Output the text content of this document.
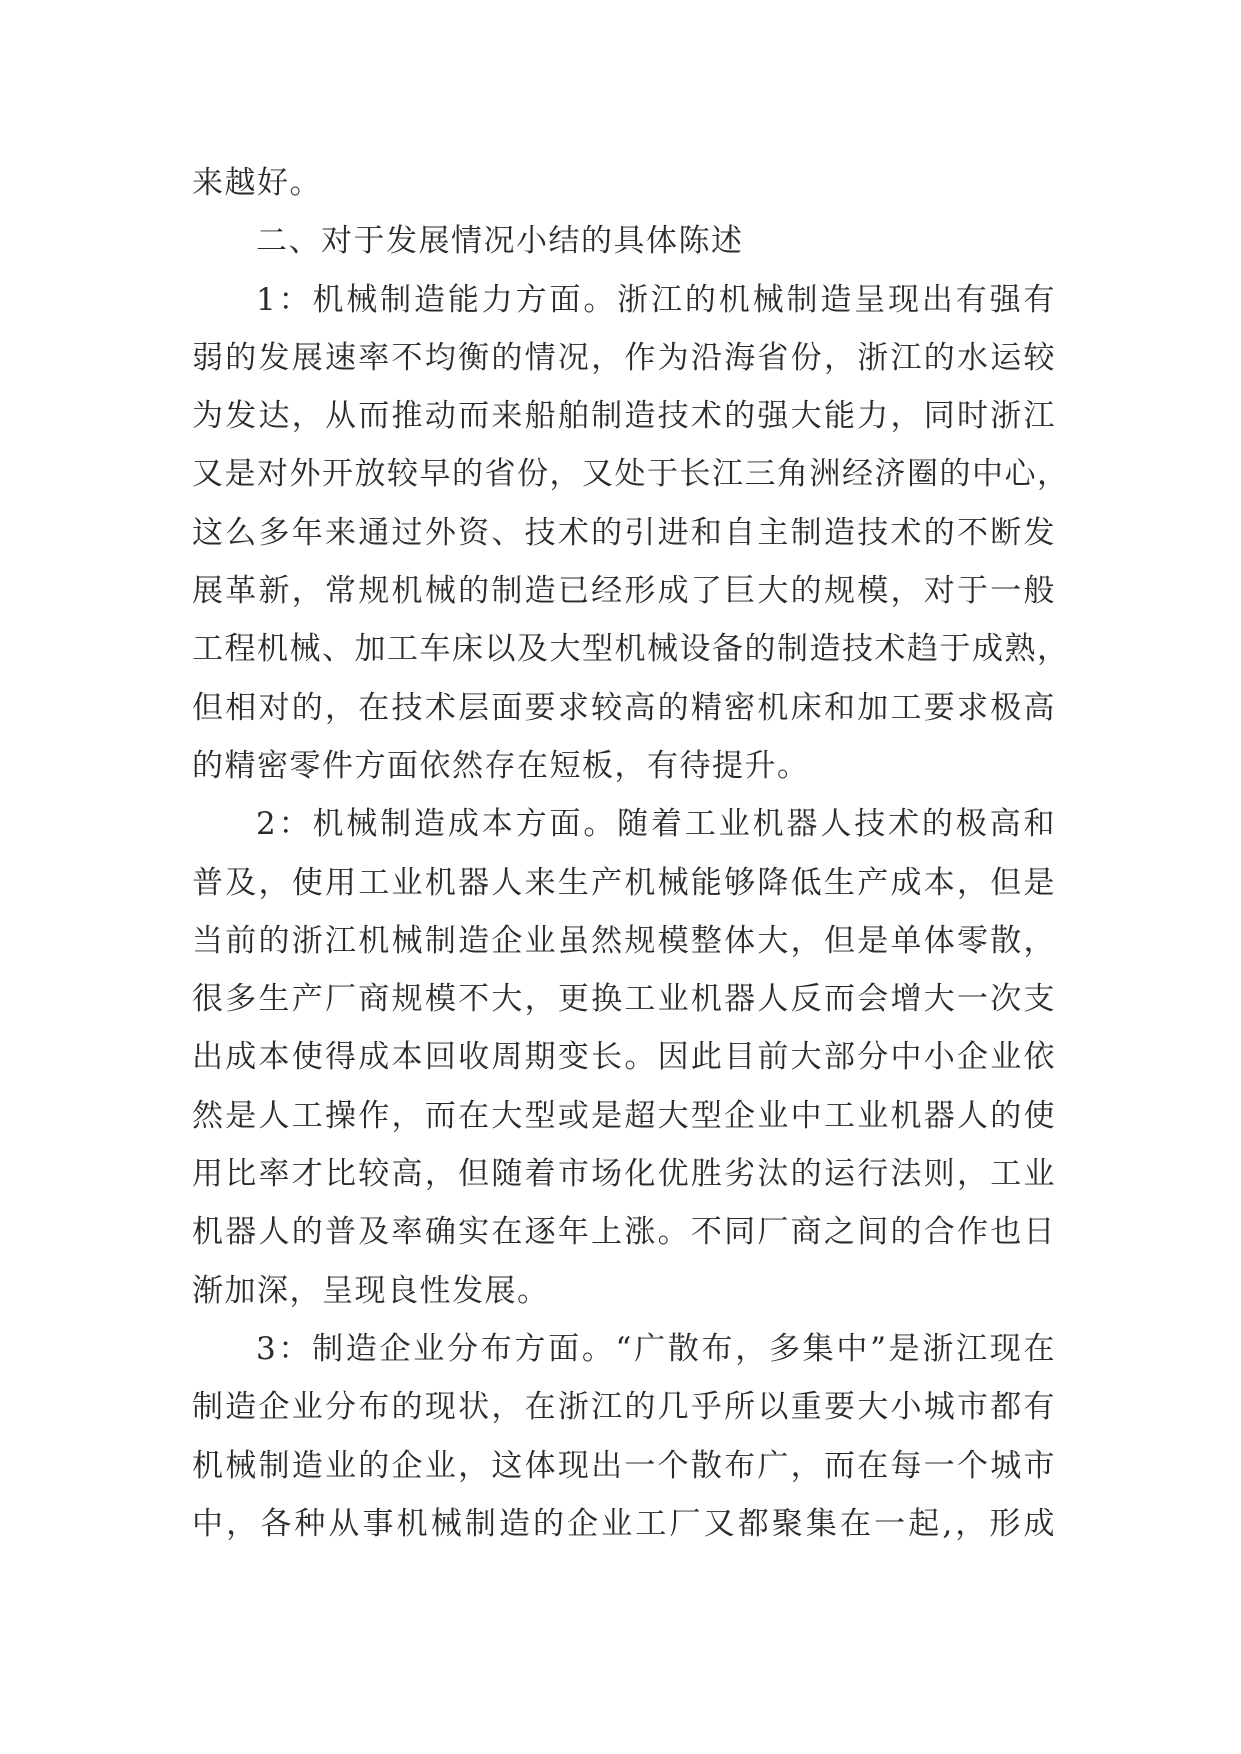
来越好。
二、对于发展情况小结的具体陈述
1：机械制造能力方面。浙江的机械制造呈现出有强有
弱的发展速率不均衡的情况，作为沿海省份，浙江的水运较
为发达，从而推动而来船舶制造技术的强大能力，同时浙江
又是对外开放较早的省份，又处于长江三角洲经济圈的中心，
这么多年来通过外资、技术的引进和自主制造技术的不断发
展革新，常规机械的制造已经形成了巨大的规模，对于一般
工程机械、加工车床以及大型机械设备的制造技术趋于成熟，
但相对的，在技术层面要求较高的精密机床和加工要求极高
的精密零件方面依然存在短板，有待提升。
2：机械制造成本方面。随着工业机器人技术的极高和
普及，使用工业机器人来生产机械能够降低生产成本，但是
当前的浙江机械制造企业虽然规模整体大，但是单体零散，
很多生产厂商规模不大，更换工业机器人反而会增大一次支
出成本使得成本回收周期变长。因此目前大部分中小企业依
然是人工操作，而在大型或是超大型企业中工业机器人的使
用比率才比较高，但随着市场化优胜劣汰的运行法则，工业
机器人的普及率确实在逐年上涨。不同厂商之间的合作也日
渐加深，呈现良性发展。
3：制造企业分布方面。“广散布，多集中”是浙江现在
制造企业分布的现状，在浙江的几乎所以重要大小城市都有
机械制造业的企业，这体现出一个散布广，而在每一个城市
中，各种从事机械制造的企业工厂又都聚集在一起,，形成
